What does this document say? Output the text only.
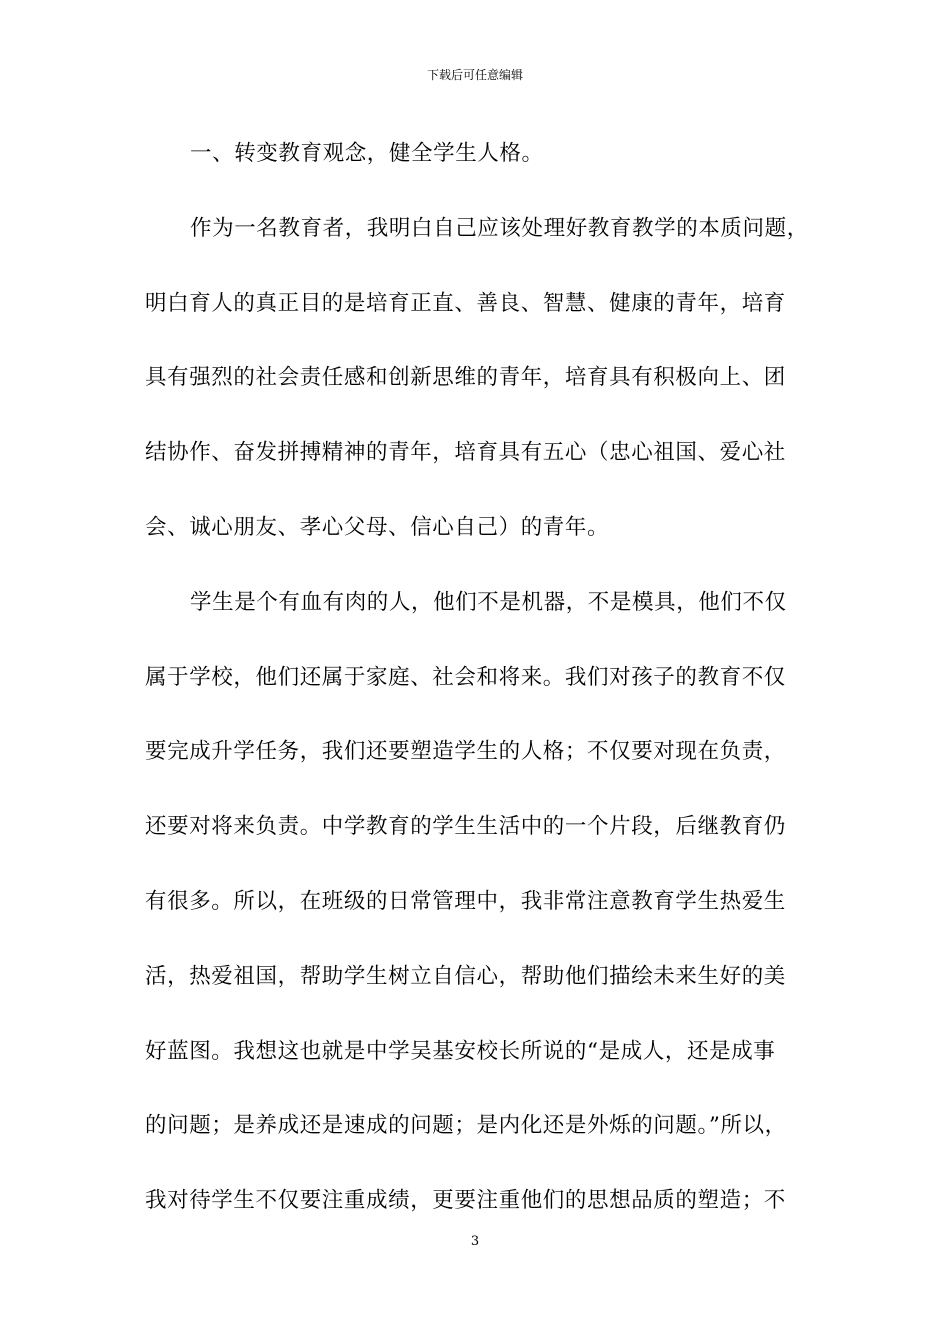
下载后可任意编辑
一、转变教育观念，健全学生人格。
作为一名教育者，我明白自己应该处理好教育教学的本质问题，
明白育人的真正目的是培育正直、善良、智慧、健康的青年，培育
具有强烈的社会责任感和创新思维的青年，培育具有积极向上、团
结协作、奋发拼搏精神的青年，培育具有五心（忠心祖国、爱心社
会、诚心朋友、孝心父母、信心自己）的青年。
学生是个有血有肉的人，他们不是机器，不是模具，他们不仅
属于学校，他们还属于家庭、社会和将来。我们对孩子的教育不仅
要完成升学任务，我们还要塑造学生的人格；不仅要对现在负责，
还要对将来负责。中学教育的学生生活中的一个片段，后继教育仍
有很多。所以，在班级的日常管理中，我非常注意教育学生热爱生
活，热爱祖国，帮助学生树立自信心，帮助他们描绘未来生好的美
好蓝图。我想这也就是中学吴基安校长所说的“是成人，还是成事
的问题；是养成还是速成的问题；是内化还是外烁的问题。”所以，
我对待学生不仅要注重成绩，更要注重他们的思想品质的塑造；不
3
